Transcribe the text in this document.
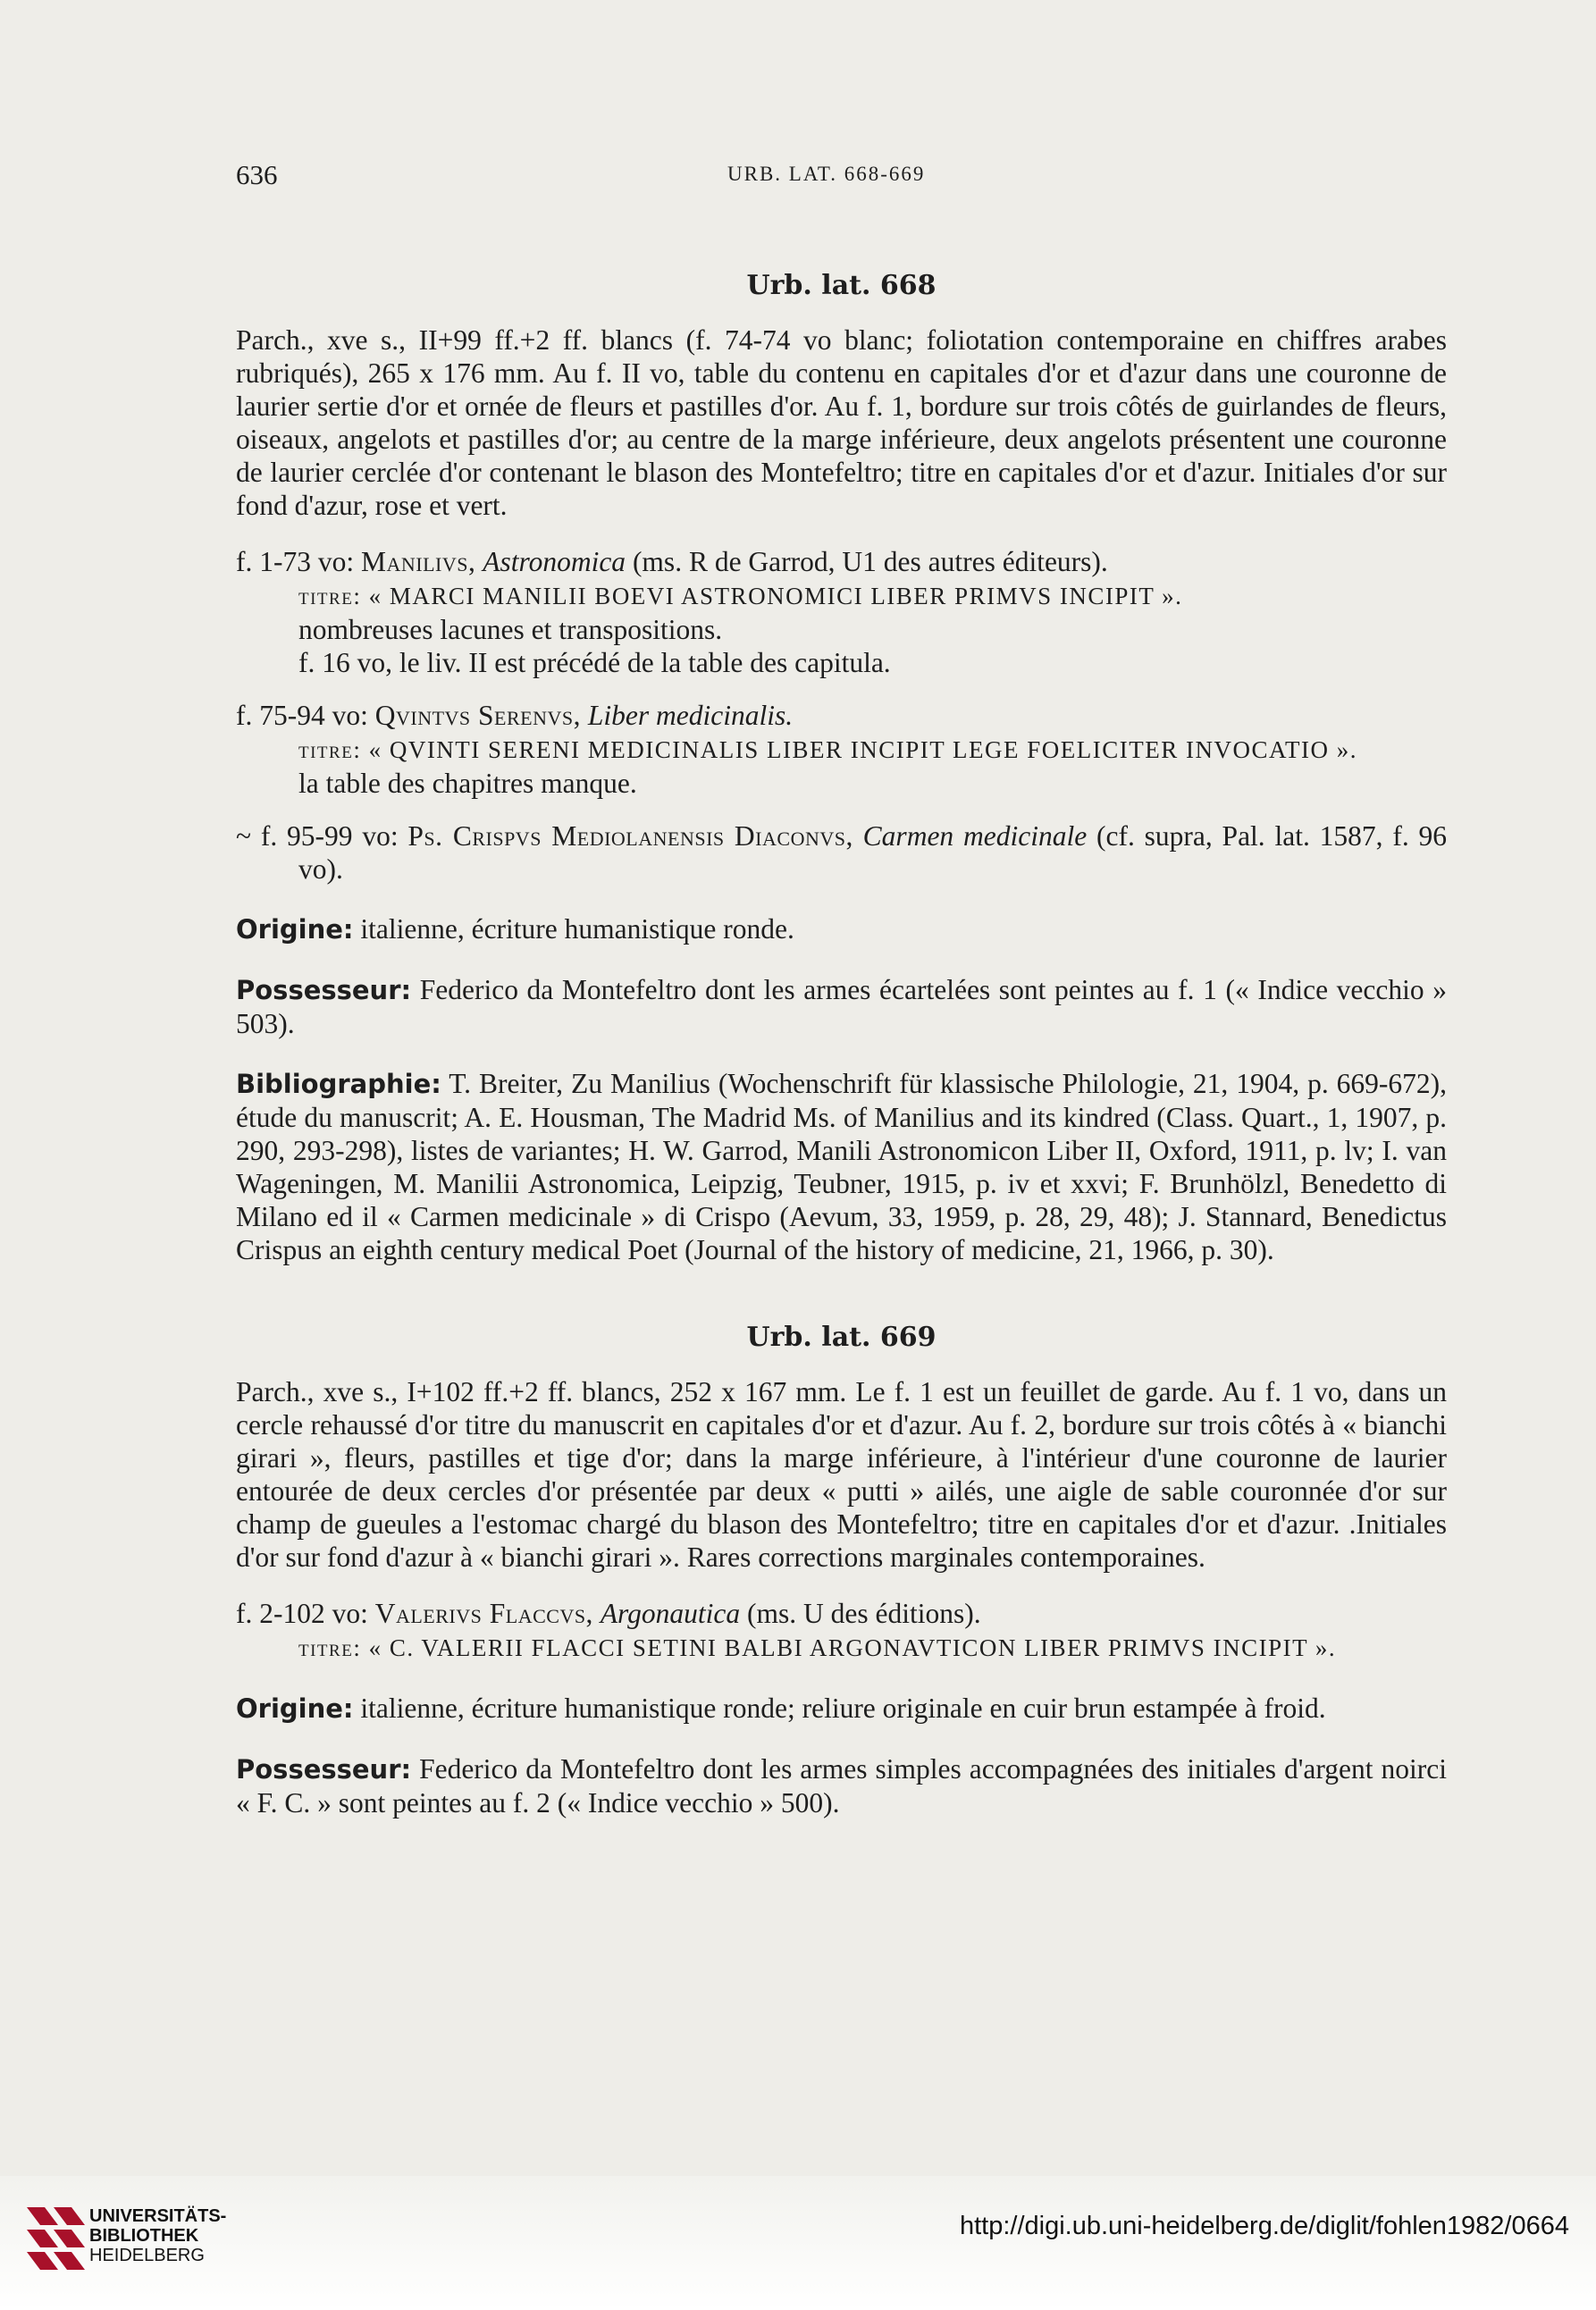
636	URB. LAT. 668-669
Urb. lat. 668

Parch., xve s., II+99 ff.+2 ff. blancs (f. 74-74 vo blanc; foliotation contemporaine en chiffres arabes rubriqués), 265 x 176 mm. Au f. II vo, table du contenu en capitales d'or et d'azur dans une couronne de laurier sertie d'or et ornée de fleurs et pastilles d'or. Au f. 1, bordure sur trois côtés de guirlandes de fleurs, oiseaux, angelots et pastilles d'or; au centre de la marge inférieure, deux angelots présentent une couronne de laurier cerclée d'or contenant le blason des Montefeltro; titre en capitales d'or et d'azur. Initiales d'or sur fond d'azur, rose et vert.

f. 1-73 vo: Manilivs, Astronomica (ms. R de Garrod, U1 des autres éditeurs).

titre: « MARCI MANILII BOEVI ASTRONOMICI LIBER PRIMVS INCIPIT ».

nombreuses lacunes et transpositions.

f. 16 vo, le liv. II est précédé de la table des capitula.

f. 75-94 vo: Qvintvs Serenvs, Liber medicinalis.

titre: « QVINTI SERENI MEDICINALIS LIBER INCIPIT LEGE FOELICITER INVOCATIO ».

la table des chapitres manque.

~ f. 95-99 vo: Ps. Crispvs Mediolanensis Diaconvs, Carmen medicinale (cf. supra, Pal. lat. 1587, f. 96 vo).

Origine: italienne, écriture humanistique ronde.

Possesseur: Federico da Montefeltro dont les armes écartelées sont peintes au f. 1 (« Indice vecchio » 503).

Bibliographie: T. Breiter, Zu Manilius (Wochenschrift für klassische Philologie, 21, 1904, p. 669-672), étude du manuscrit; A. E. Housman, The Madrid Ms. of Manilius and its kindred (Class. Quart., 1, 1907, p. 290, 293-298), listes de variantes; H. W. Garrod, Manili Astronomicon Liber II, Oxford, 1911, p. lv; I. van Wageningen, M. Manilii Astronomica, Leipzig, Teubner, 1915, p. iv et xxvi; F. Brunhölzl, Benedetto di Milano ed il « Carmen medicinale » di Crispo (Aevum, 33, 1959, p. 28, 29, 48); J. Stannard, Benedictus Crispus an eighth century medical Poet (Journal of the history of medicine, 21, 1966, p. 30).

Urb. lat. 669

Parch., xve s., I+102 ff.+2 ff. blancs, 252 x 167 mm. Le f. 1 est un feuillet de garde. Au f. 1 vo, dans un cercle rehaussé d'or titre du manuscrit en capitales d'or et d'azur. Au f. 2, bordure sur trois côtés à « bianchi girari », fleurs, pastilles et tige d'or; dans la marge inférieure, à l'intérieur d'une couronne de laurier entourée de deux cercles d'or présentée par deux « putti » ailés, une aigle de sable couronnée d'or sur champ de gueules a l'estomac chargé du blason des Montefeltro; titre en capitales d'or et d'azur. .Initiales d'or sur fond d'azur à « bianchi girari ». Rares corrections marginales contemporaines.

f. 2-102 vo: Valerivs Flaccvs, Argonautica (ms. U des éditions).

titre: « C. VALERII FLACCI SETINI BALBI ARGONAVTICON LIBER PRIMVS INCIPIT ».

Origine: italienne, écriture humanistique ronde; reliure originale en cuir brun estampée à froid.

Possesseur: Federico da Montefeltro dont les armes simples accompagnées des initiales d'argent noirci « F. C. » sont peintes au f. 2 (« Indice vecchio » 500).

UNIVERSITÄTS-
BIBLIOTHEK
HEIDELBERG
http://digi.ub.uni-heidelberg.de/diglit/fohlen1982/0664
